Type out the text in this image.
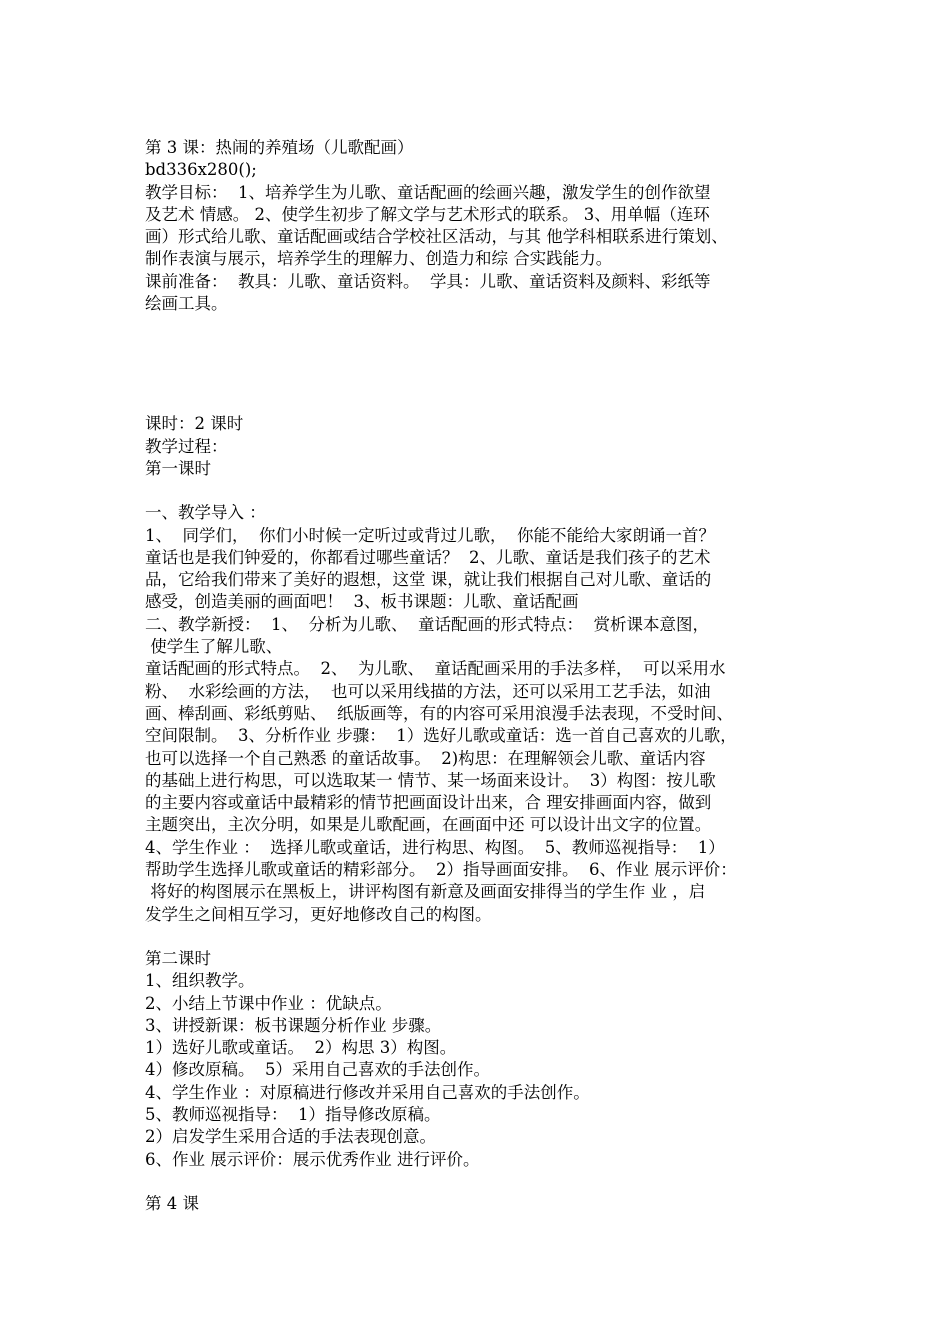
第 3 课：热闹的养殖场（儿歌配画）
bd336x280();
教学目标：  1、培养学生为儿歌、童话配画的绘画兴趣，激发学生的创作欲望
及艺术 情感。 2、使学生初步了解文学与艺术形式的联系。 3、用单幅（连环
画）形式给儿歌、童话配画或结合学校社区活动，与其 他学科相联系进行策划、
制作表演与展示，培养学生的理解力、创造力和综 合实践能力。
课前准备：  教具：儿歌、童话资料。  学具：儿歌、童话资料及颜料、彩纸等
绘画工具。
课时：2 课时
教学过程：
第一课时
一、教学导入 ：
1、  同学们，  你们小时候一定听过或背过儿歌，  你能不能给大家朗诵一首？
童话也是我们钟爱的，你都看过哪些童话？  2、儿歌、童话是我们孩子的艺术
品，它给我们带来了美好的遐想，这堂 课，就让我们根据自己对儿歌、童话的
感受，创造美丽的画面吧！  3、板书课题：儿歌、童话配画
二、教学新授：  1、  分析为儿歌、  童话配画的形式特点：  赏析课本意图，
使学生了解儿歌、
童话配画的形式特点。  2、  为儿歌、  童话配画采用的手法多样，  可以采用水
粉、  水彩绘画的方法，  也可以采用线描的方法，还可以采用工艺手法，如油
画、棒刮画、彩纸剪贴、  纸版画等，有的内容可采用浪漫手法表现，不受时间、
空间限制。  3、分析作业 步骤：  1）选好儿歌或童话：选一首自己喜欢的儿歌，
也可以选择一个自己熟悉 的童话故事。  2)构思：在理解领会儿歌、童话内容
的基础上进行构思，可以选取某一 情节、某一场面来设计。  3）构图：按儿歌
的主要内容或童话中最精彩的情节把画面设计出来，合 理安排画面内容，做到
主题突出，主次分明，如果是儿歌配画，在画面中还 可以设计出文字的位置。
4、学生作业 ：  选择儿歌或童话，进行构思、构图。  5、教师巡视指导：  1）
帮助学生选择儿歌或童话的精彩部分。  2）指导画面安排。  6、作业 展示评价：
将好的构图展示在黑板上，讲评构图有新意及画面安排得当的学生作 业 ，启
发学生之间相互学习，更好地修改自己的构图。
第二课时
1、组织教学。
2、小结上节课中作业 ：优缺点。
3、讲授新课：板书课题分析作业 步骤。
1）选好儿歌或童话。  2）构思 3）构图。
4）修改原稿。  5）采用自己喜欢的手法创作。
4、学生作业 ：对原稿进行修改并采用自己喜欢的手法创作。
5、教师巡视指导：  1）指导修改原稿。
2）启发学生采用合适的手法表现创意。
6、作业 展示评价：展示优秀作业 进行评价。
第 4 课
